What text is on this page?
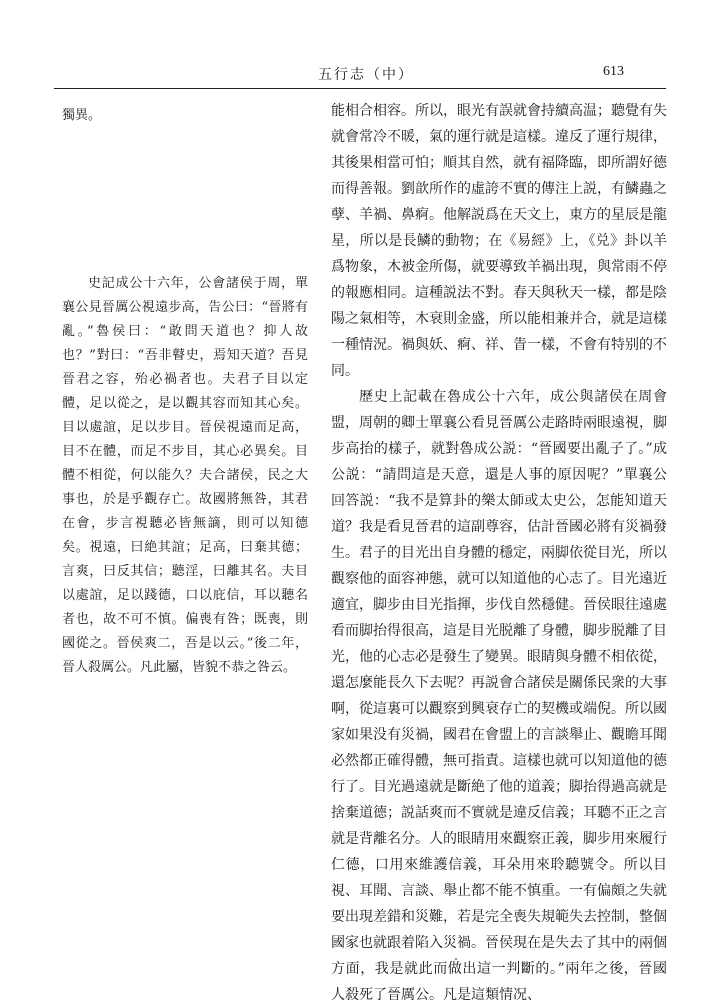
五行志（中）	613

獨異。

史記成公十六年，公會諸侯于周，單襄公見晉厲公視遠步高，告公曰：“晉將有亂。”魯侯曰：“敢問天道也？抑人故也？”對曰：“吾非瞽史，焉知天道？吾見晉君之容，殆必禍者也。夫君子目以定體，足以從之，是以觀其容而知其心矣。目以處誼，足以步目。晉侯視遠而足高，目不在體，而足不步目，其心必異矣。目體不相從，何以能久？夫合諸侯，民之大事也，於是乎觀存亡。故國將無咎，其君在會，步言視聽必皆無謫，則可以知德矣。視遠，曰絶其誼；足高，曰棄其德；言爽，曰反其信；聽淫，曰離其名。夫目以處誼，足以踐德，口以庇信，耳以聽名者也，故不可不慎。偏喪有咎；既喪，則國從之。晉侯爽二，吾是以云。”後二年，晉人殺厲公。凡此屬，皆貌不恭之咎云。

能相合相容。所以，眼光有誤就會持續高温；聽覺有失就會常冷不暖，氣的運行就是這樣。違反了運行規律，其後果相當可怕；順其自然，就有福降臨，即所謂好德而得善報。劉歆所作的虛誇不實的傳注上説，有鱗蟲之孽、羊禍、鼻痾。他解説爲在天文上，東方的星辰是龍星，所以是長鱗的動物；在《易經》上，《兑》卦以羊爲物象，木被金所傷，就要導致羊禍出現，與常雨不停的報應相同。這種説法不對。春天與秋天一樣，都是陰陽之氣相等，木衰則金盛，所以能相兼并合，就是這樣一種情況。禍與妖、痾、祥、眚一樣，不會有特别的不同。

歷史上記載在魯成公十六年，成公與諸侯在周會盟，周朝的卿士單襄公看見晉厲公走路時兩眼遠視，脚步高抬的樣子，就對魯成公説：“晉國要出亂子了。”成公説：“請問這是天意，還是人事的原因呢？”單襄公回答説：“我不是算卦的樂太師或太史公，怎能知道天道？我是看見晉君的這副尊容，估計晉國必將有災禍發生。君子的目光出自身體的穩定，兩脚依從目光，所以觀察他的面容神態，就可以知道他的心志了。目光遠近適宜，脚步由目光指揮，步伐自然穩健。晉侯眼往遠處看而脚抬得很高，這是目光脱離了身體，脚步脱離了目光，他的心志必是發生了變異。眼睛與身體不相依從，還怎麼能長久下去呢？再説會合諸侯是關係民衆的大事啊，從這裏可以觀察到興衰存亡的契機或端倪。所以國家如果没有災禍，國君在會盟上的言談舉止、觀瞻耳聞必然都正確得體，無可指責。這樣也就可以知道他的德行了。目光過遠就是斷絶了他的道義；脚抬得過高就是捨棄道德；説話爽而不實就是違反信義；耳聽不正之言就是背離名分。人的眼睛用來觀察正義，脚步用來履行仁德，口用來維護信義，耳朵用來聆聽號令。所以目視、耳聞、言談、舉止都不能不慎重。一有偏頗之失就要出現差錯和災難，若是完全喪失規範失去控制，整個國家也就跟着陷入災禍。晉侯現在是失去了其中的兩個方面，我是就此而做出這一判斷的。”兩年之後，晉國人殺死了晉厲公。凡是這類情况、
